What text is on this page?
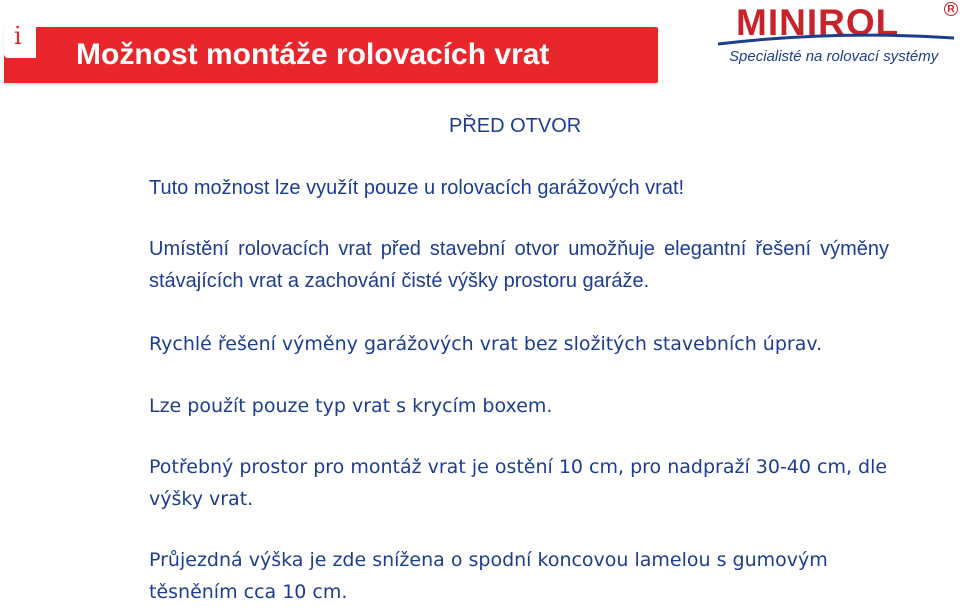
i
Možnost montáže rolovacích vrat
MINIROL	R
Specialisté na rolovací systémy
PŘED OTVOR
Tuto možnost lze využít pouze u rolovacích garážových vrat!
Umístění rolovacích vrat před stavební otvor umožňuje elegantní řešení výměny stávajících vrat a zachování čisté výšky prostoru garáže.
Rychlé řešení výměny garážových vrat bez složitých stavebních úprav.
Lze použít pouze typ vrat s krycím boxem.
Potřebný prostor pro montáž vrat je ostění 10 cm, pro nadpraží 30-40 cm, dle výšky vrat.
Průjezdná výška je zde snížena o spodní koncovou lamelou s gumovým těsněním cca 10 cm.
